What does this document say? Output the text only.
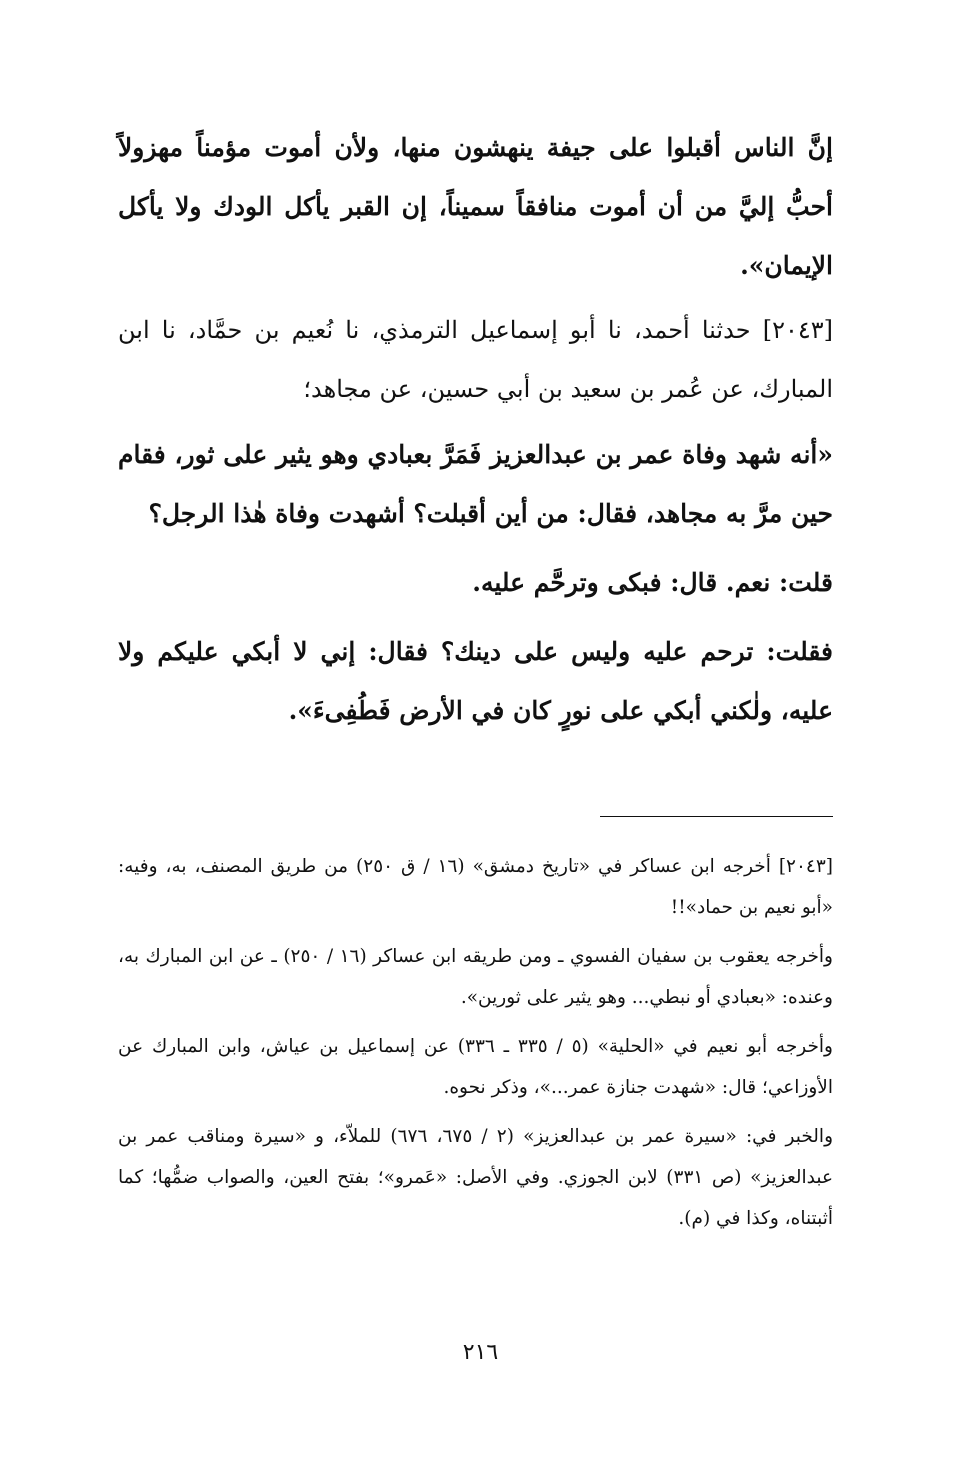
إنَّ الناس أقبلوا على جيفة ينهشون منها، ولأن أموت مؤمناً مهزولاً أحبُّ إليَّ من أن أموت منافقاً سميناً، إن القبر يأكل الودك ولا يأكل الإيمان».

[٢٠٤٣] حدثنا أحمد، نا أبو إسماعيل الترمذي، نا نُعيم بن حمَّاد، نا ابن المبارك، عن عُمر بن سعيد بن أبي حسين، عن مجاهد؛

«أنه شهد وفاة عمر بن عبدالعزيز فَمَرَّ بعبادي وهو يثير على ثور، فقام حين مرَّ به مجاهد، فقال: من أين أقبلت؟ أشهدت وفاة هٰذا الرجل؟

قلت: نعم. قال: فبكى وترحَّم عليه.

فقلت: ترحم عليه وليس على دينك؟ فقال: إني لا أبكي عليكم ولا عليه، ولٰكني أبكي على نورٍ كان في الأرض فَطُفِىءَ».

[٢٠٤٣] أخرجه ابن عساكر في «تاريخ دمشق» (١٦ / ق ٢٥٠) من طريق المصنف، به، وفيه: «أبو نعيم بن حماد»!!

وأخرجه يعقوب بن سفيان الفسوي ـ ومن طريقه ابن عساكر (١٦ / ٢٥٠) ـ عن ابن المبارك به، وعنده: «بعبادي أو نبطي... وهو يثير على ثورين».

وأخرجه أبو نعيم في «الحلية» (٥ / ٣٣٥ ـ ٣٣٦) عن إسماعيل بن عياش، وابن المبارك عن الأوزاعي؛ قال: «شهدت جنازة عمر...»، وذكر نحوه.

والخبر في: «سيرة عمر بن عبدالعزيز» (٢ / ٦٧٥، ٦٧٦) للملاّء، و «سيرة ومناقب عمر بن عبدالعزيز» (ص ٣٣١) لابن الجوزي. وفي الأصل: «عَمرو»؛ بفتح العين، والصواب ضمُّها؛ كما أثبتناه، وكذا في (م).

٢١٦
